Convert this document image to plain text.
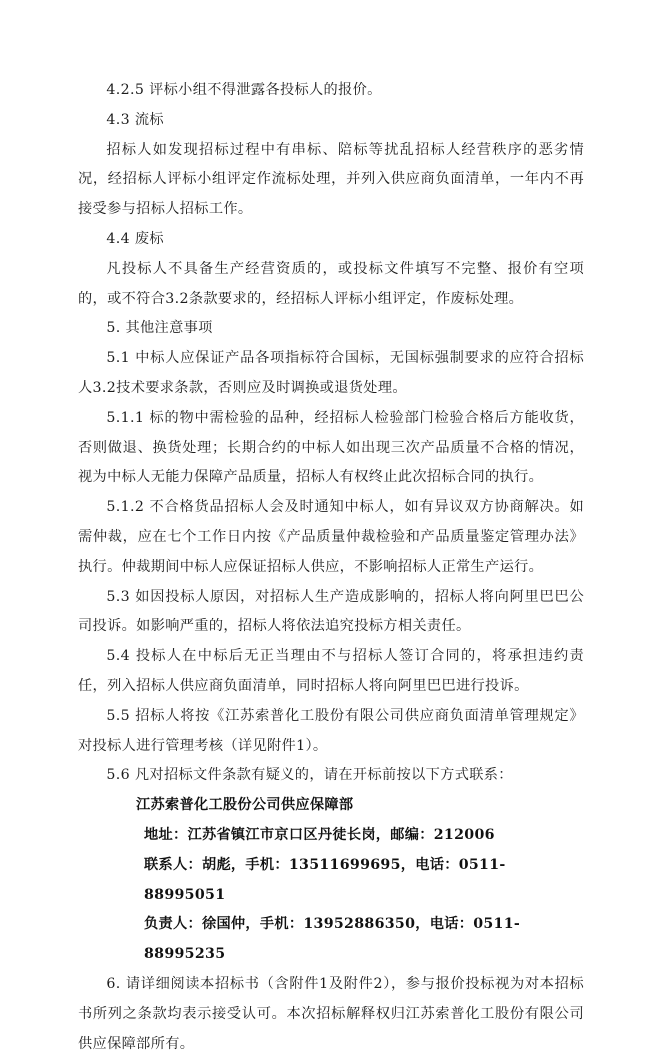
4.2.5 评标小组不得泄露各投标人的报价。

4.3 流标

招标人如发现招标过程中有串标、陪标等扰乱招标人经营秩序的恶劣情况，经招标人评标小组评定作流标处理，并列入供应商负面清单，一年内不再接受参与招标人招标工作。

4.4 废标

凡投标人不具备生产经营资质的，或投标文件填写不完整、报价有空项的，或不符合3.2条款要求的，经招标人评标小组评定，作废标处理。

5. 其他注意事项

5.1 中标人应保证产品各项指标符合国标，无国标强制要求的应符合招标人3.2技术要求条款，否则应及时调换或退货处理。

5.1.1 标的物中需检验的品种，经招标人检验部门检验合格后方能收货，否则做退、换货处理；长期合约的中标人如出现三次产品质量不合格的情况，视为中标人无能力保障产品质量，招标人有权终止此次招标合同的执行。

5.1.2 不合格货品招标人会及时通知中标人，如有异议双方协商解决。如需仲裁，应在七个工作日内按《产品质量仲裁检验和产品质量鉴定管理办法》执行。仲裁期间中标人应保证招标人供应，不影响招标人正常生产运行。

5.3 如因投标人原因，对招标人生产造成影响的，招标人将向阿里巴巴公司投诉。如影响严重的，招标人将依法追究投标方相关责任。

5.4 投标人在中标后无正当理由不与招标人签订合同的，将承担违约责任，列入招标人供应商负面清单，同时招标人将向阿里巴巴进行投诉。

5.5 招标人将按《江苏索普化工股份有限公司供应商负面清单管理规定》对投标人进行管理考核（详见附件1）。

5.6 凡对招标文件条款有疑义的，请在开标前按以下方式联系：

江苏索普化工股份公司供应保障部

地址：江苏省镇江市京口区丹徒长岗，邮编：212006

联系人：胡彪，手机：13511699695，电话：0511-88995051

负责人：徐国仲，手机：13952886350，电话：0511-88995235

6. 请详细阅读本招标书（含附件1及附件2），参与报价投标视为对本招标书所列之条款均表示接受认可。本次招标解释权归江苏索普化工股份有限公司供应保障部所有。
